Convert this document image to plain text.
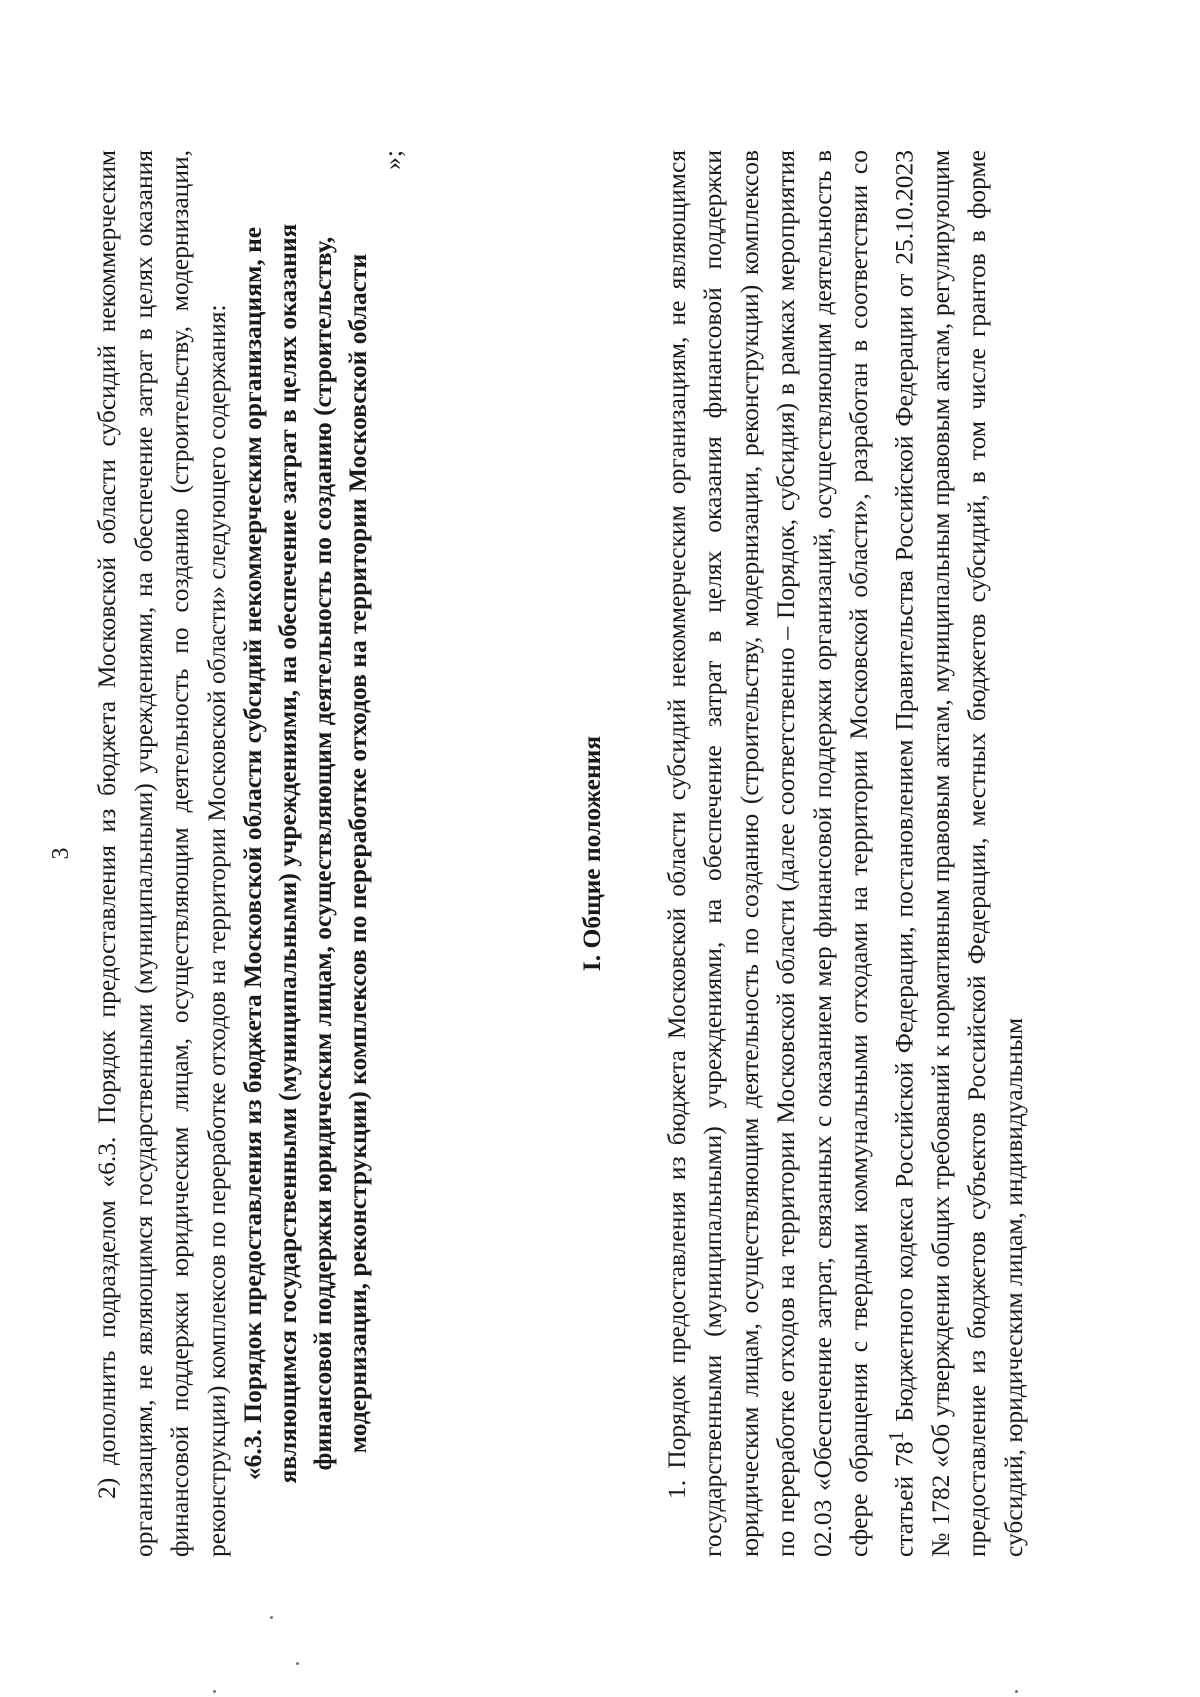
3 2) дополнить подразделом «6.3. Порядок предоставления из бюджета Московской области субсидий некоммерческим организациям, не являющимся государственными (муниципальными) учреждениями, на обеспечение затрат в целях оказания финансовой поддержки юридическим лицам, осуществляющим деятельность по созданию (строительству, модернизации, реконструкции) комплексов по переработке отходов на территории Московской области» следующего содержания: «6.3. Порядок предоставления из бюджета Московской области субсидий некоммерческим организациям, не являющимся государственными (муниципальными) учреждениями, на обеспечение затрат в целях оказания финансовой поддержки юридическим лицам, осуществляющим деятельность по созданию (строительству, модернизации, реконструкции) комплексов по переработке отходов на территории Московской области

»;

I. Общие положения 1. Порядок предоставления из бюджета Московской области субсидий некоммерческим организациям, не являющимся государственными (муниципальными) учреждениями, на обеспечение затрат в целях оказания финансовой поддержки юридическим лицам, осуществляющим деятельность по созданию (строительству, модернизации, реконструкции) комплексов по переработке отходов на территории Московской области (далее соответственно – Порядок, субсидия) в рамках мероприятия 02.03 «Обеспечение затрат, связанных с оказанием мер финансовой поддержки организаций, осуществляющим деятельность в сфере обращения с твердыми коммунальными отходами на территории Московской области», разработан в соответствии со статьей $78^1$ Бюджетного кодекса Российской Федерации, постановлением Правительства Российской Федерации от 25.10.2023 № 1782 «Об утверждении общих требований к нормативным правовым актам, муниципальным правовым актам, регулирующим предоставление из бюджетов субъектов Российской Федерации, местных бюджетов субсидий, в том числе грантов в форме субсидий, юридическим лицам, индивидуальным
